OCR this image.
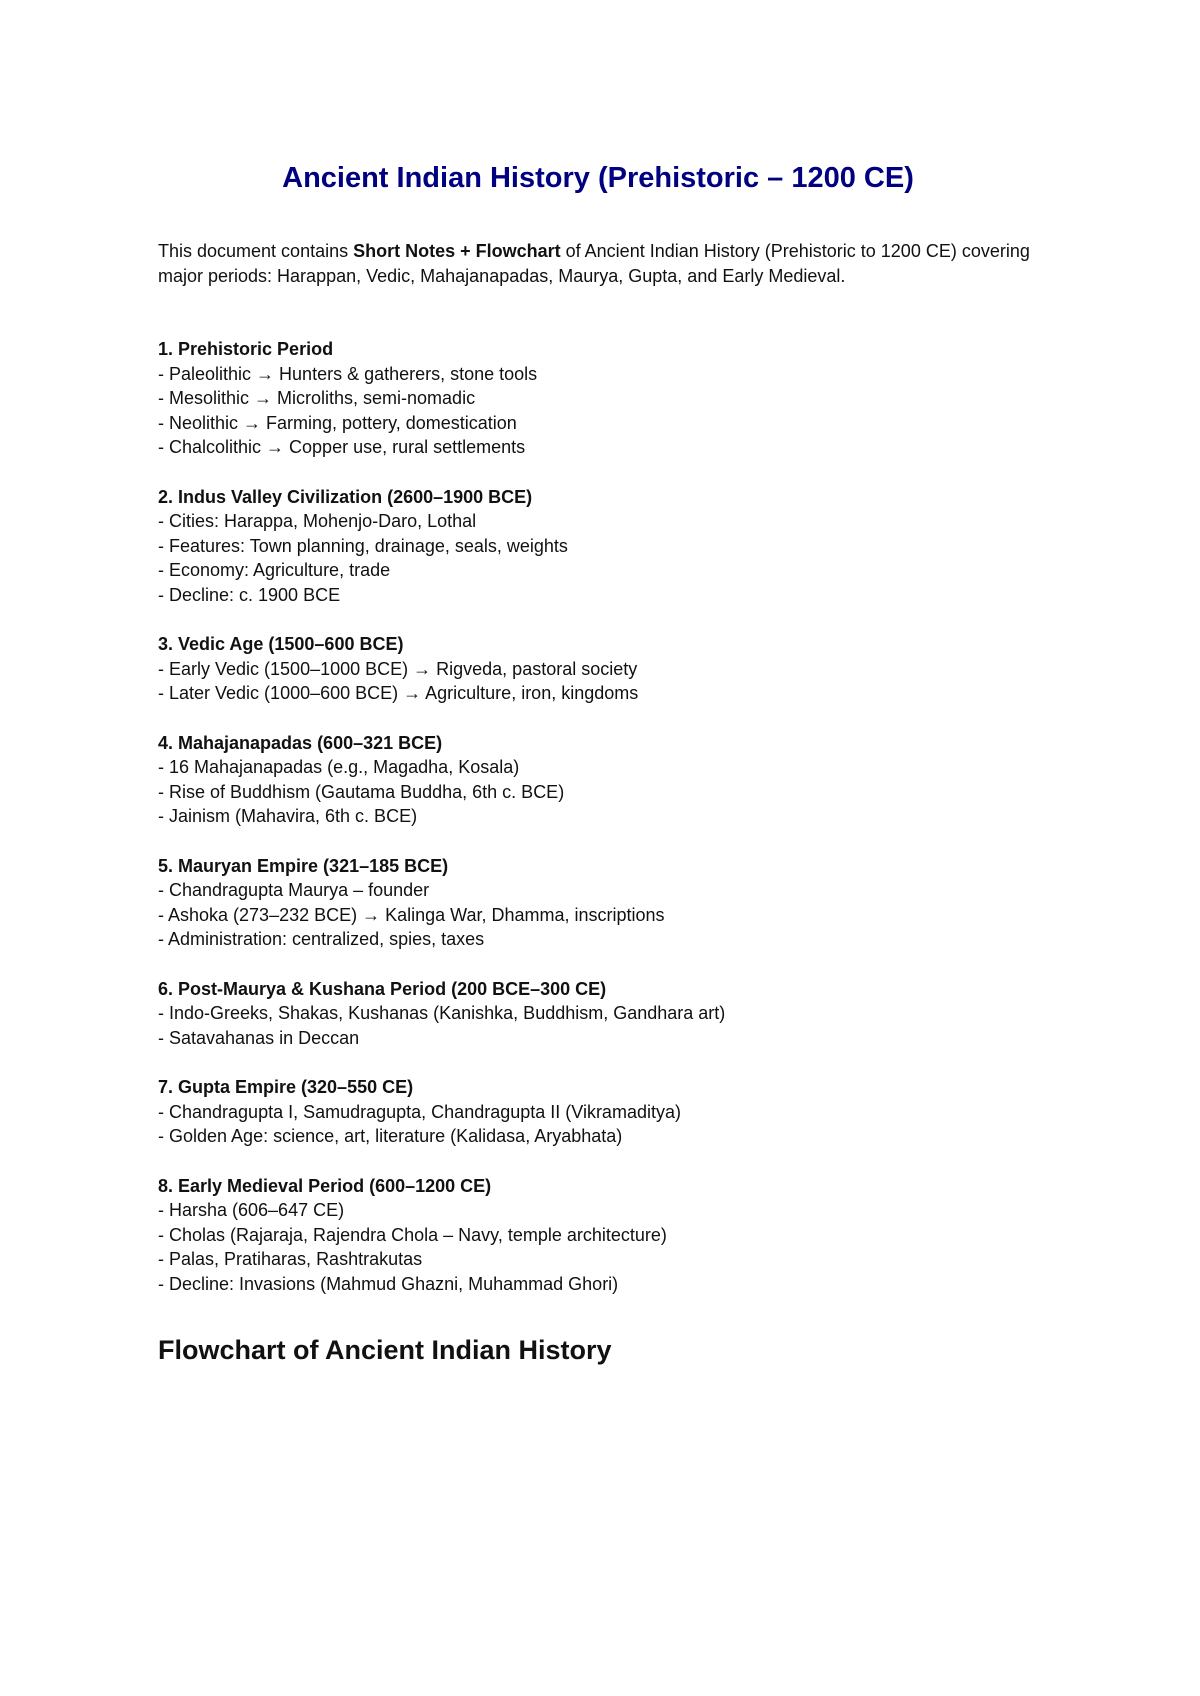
Ancient Indian History (Prehistoric – 1200 CE)

This document contains Short Notes + Flowchart of Ancient Indian History (Prehistoric to 1200 CE) covering major periods: Harappan, Vedic, Mahajanapadas, Maurya, Gupta, and Early Medieval.

1. Prehistoric Period

- Paleolithic → Hunters & gatherers, stone tools

- Mesolithic → Microliths, semi-nomadic

- Neolithic → Farming, pottery, domestication

- Chalcolithic → Copper use, rural settlements

2. Indus Valley Civilization (2600–1900 BCE)

- Cities: Harappa, Mohenjo-Daro, Lothal

- Features: Town planning, drainage, seals, weights

- Economy: Agriculture, trade

- Decline: c. 1900 BCE

3. Vedic Age (1500–600 BCE)

- Early Vedic (1500–1000 BCE) → Rigveda, pastoral society

- Later Vedic (1000–600 BCE) → Agriculture, iron, kingdoms

4. Mahajanapadas (600–321 BCE)

- 16 Mahajanapadas (e.g., Magadha, Kosala)

- Rise of Buddhism (Gautama Buddha, 6th c. BCE)

- Jainism (Mahavira, 6th c. BCE)

5. Mauryan Empire (321–185 BCE)

- Chandragupta Maurya – founder

- Ashoka (273–232 BCE) → Kalinga War, Dhamma, inscriptions

- Administration: centralized, spies, taxes

6. Post-Maurya & Kushana Period (200 BCE–300 CE)

- Indo-Greeks, Shakas, Kushanas (Kanishka, Buddhism, Gandhara art)

- Satavahanas in Deccan

7. Gupta Empire (320–550 CE)

- Chandragupta I, Samudragupta, Chandragupta II (Vikramaditya)

- Golden Age: science, art, literature (Kalidasa, Aryabhata)

8. Early Medieval Period (600–1200 CE)

- Harsha (606–647 CE)

- Cholas (Rajaraja, Rajendra Chola – Navy, temple architecture)

- Palas, Pratiharas, Rashtrakutas

- Decline: Invasions (Mahmud Ghazni, Muhammad Ghori)

Flowchart of Ancient Indian History
